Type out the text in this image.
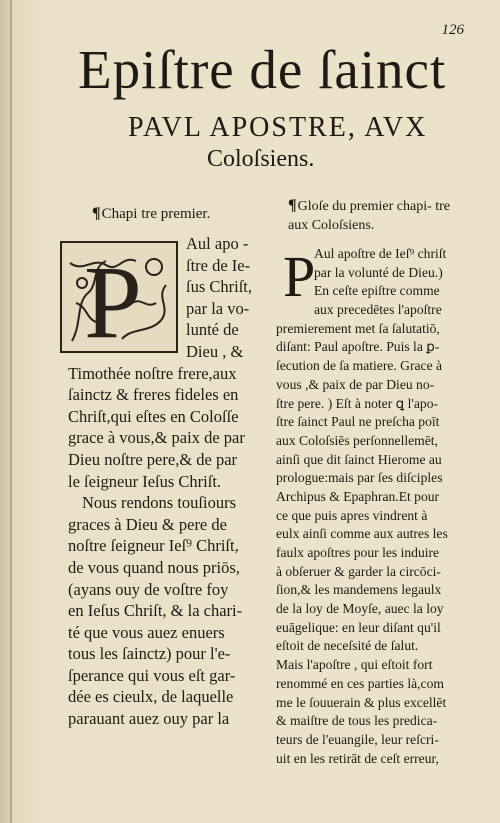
126
Epiſtre de ſainct
PAVL APOSTRE, AVX
Coloſsiens.
¶Chapi tre premier.	¶Gloſe du premier chapi- tre aux Coloſsiens.
P
Aul apo -
ſtre de Ie-
ſus Chriſt,
par la vo-
lunté de
Dieu , &
Timothée noſtre frere,aux
ſainctz & freres fideles en
Chriſt,qui eſtes en Coloſſe
grace à vous,& paix de par
Dieu noſtre pere,& de par
le ſeigneur Ieſus Chriſt.
Nous rendons touſiours
graces à Dieu & pere de
noſtre ſeigneur Ieſ⁹ Chriſt,
de vous quand nous priōs,
(ayans ouy de voſtre foy
en Ieſus Chriſt, & la chari-
té que vous auez enuers
tous les ſainctz) pour l'e-
ſperance qui vous eſt gar-
dée es cieulx, de laquelle
parauant auez ouy par la
P
Aul apoſtre de Ieſ⁹ chriſt
par la volunté de Dieu.)
En ceſte epiſtre comme
aux precedētes l'apoſtre
premierement met ſa ſalutatiō,
diſant: Paul apoſtre. Puis la ꝑ-
ſecution de ſa matiere. Grace à
vous ,& paix de par Dieu no-
ſtre pere. ) Eſt à noter ꝗ l'apo-
ſtre ſainct Paul ne preſcha poīt
aux Coloſsiēs perſonnellemēt,
ainſi que dit ſainct Hierome au
prologue:mais par ſes diſciples
Archipus & Epaphran.Et pour
ce que puis apres vindrent à
eulx ainſi comme aux autres les
faulx apoſtres pour les induire
à obſeruer & garder la circōci-
ſion,& les mandemens legaulx
de la loy de Moyſe, auec la loy
euāgelique: en leur diſant qu'il
eſtoit de neceſsité de ſalut.
Mais l'apoſtre , qui eſtoit fort
renommé en ces parties là,com
me le ſouuerain & plus excellēt
& maiſtre de tous les predica-
teurs de l'euangile, leur reſcri-
uit en les retirāt de ceſt erreur,
